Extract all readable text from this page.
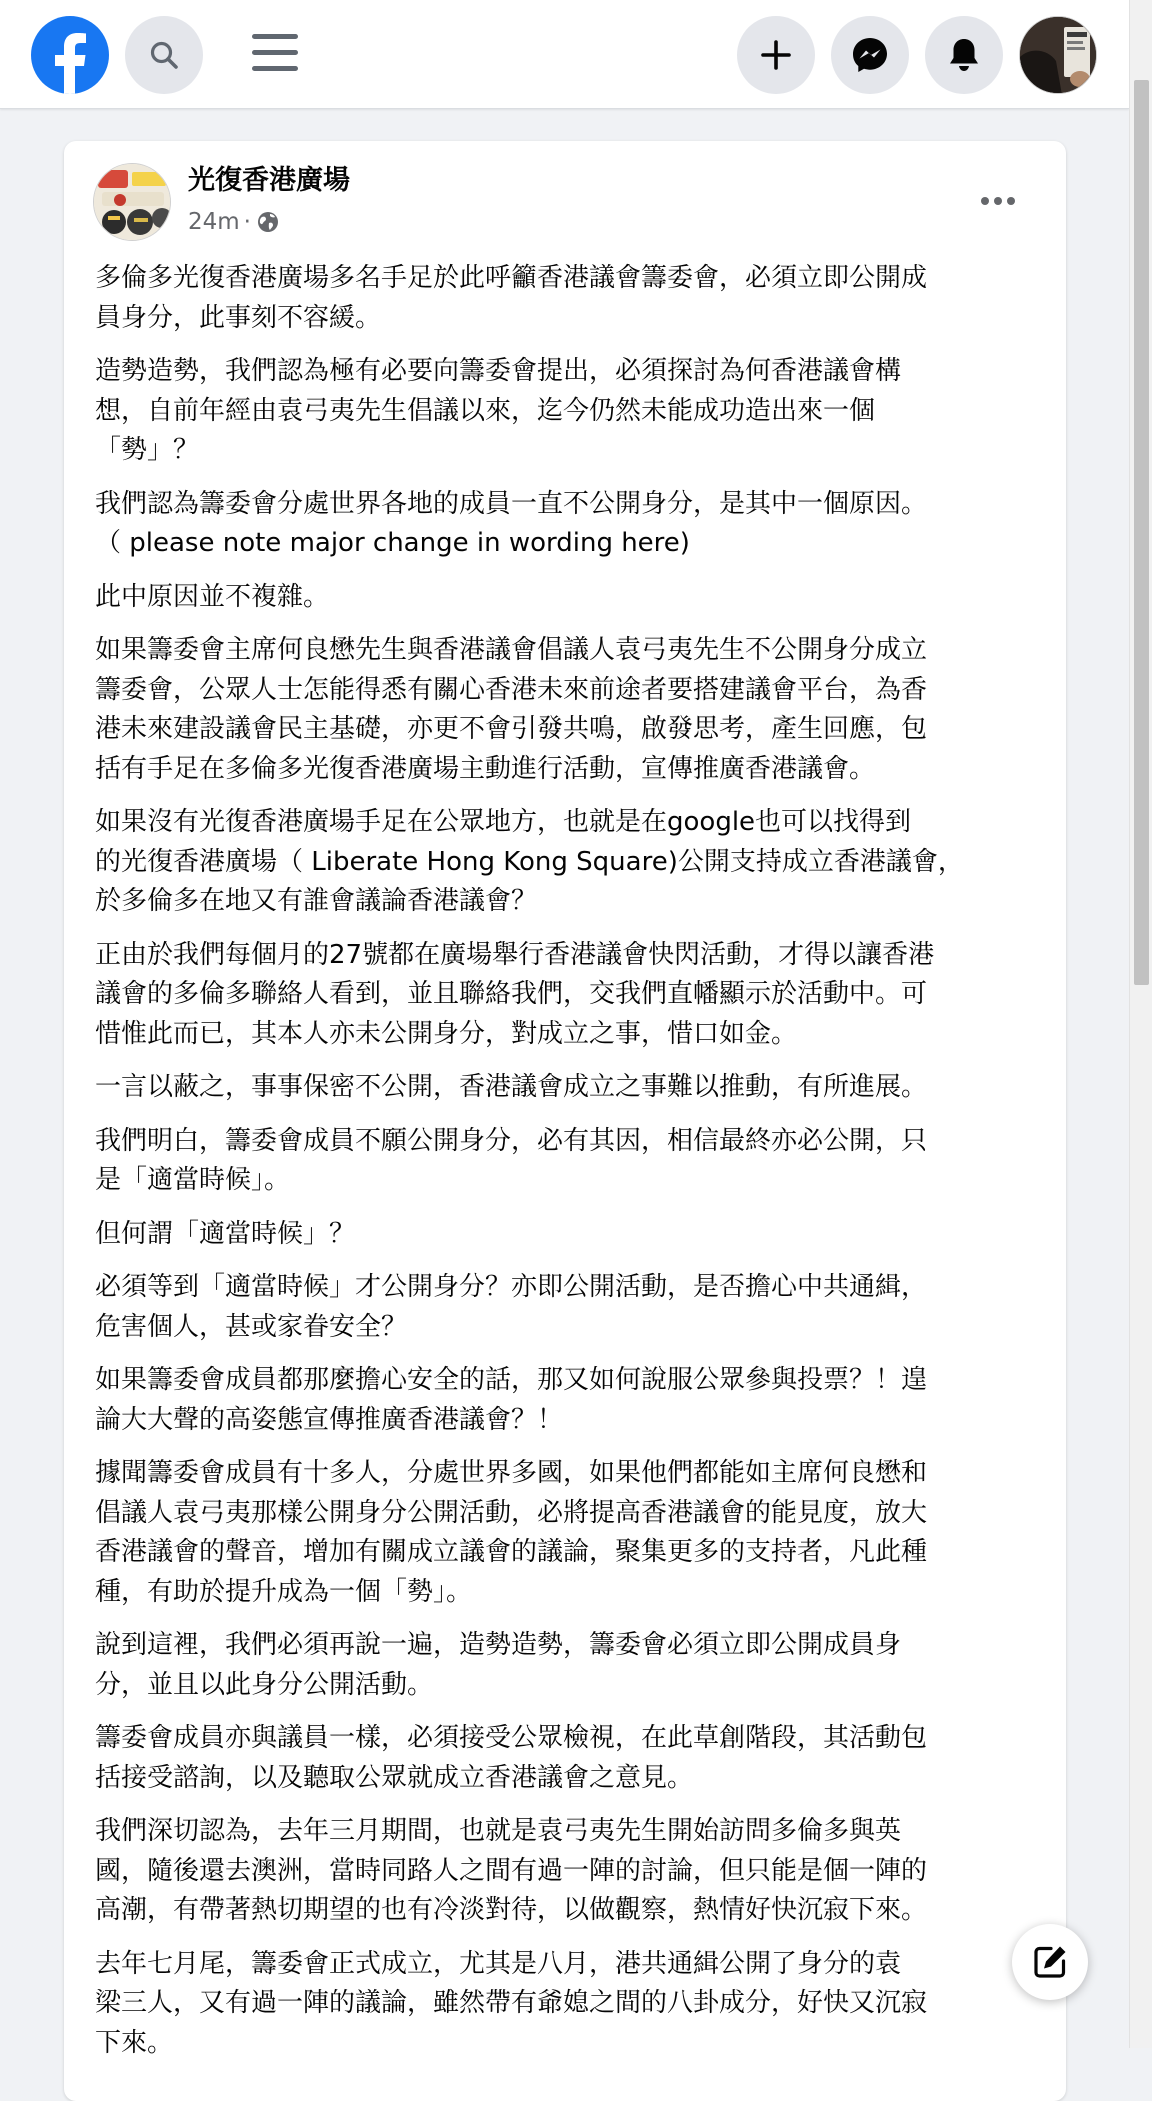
光復香港廣場
24m ·

多倫多光復香港廣場多名手足於此呼籲香港議會籌委會，必須立即公開成
員身分，此事刻不容緩。

造勢造勢，我們認為極有必要向籌委會提出，必須探討為何香港議會構
想，自前年經由袁弓夷先生倡議以來，迄今仍然未能成功造出來一個
「勢」？

我們認為籌委會分處世界各地的成員一直不公開身分，是其中一個原因。
（ please note major change in wording here)

此中原因並不複雜。

如果籌委會主席何良懋先生與香港議會倡議人袁弓夷先生不公開身分成立
籌委會，公眾人士怎能得悉有關心香港未來前途者要搭建議會平台，為香
港未來建設議會民主基礎，亦更不會引發共鳴，啟發思考，產生回應，包
括有手足在多倫多光復香港廣場主動進行活動，宣傳推廣香港議會。

如果沒有光復香港廣場手足在公眾地方，也就是在google也可以找得到
的光復香港廣場（ Liberate Hong Kong Square)公開支持成立香港議會，
於多倫多在地又有誰會議論香港議會？

正由於我們每個月的27號都在廣場舉行香港議會快閃活動，才得以讓香港
議會的多倫多聯絡人看到，並且聯絡我們，交我們直幡顯示於活動中。可
惜惟此而已，其本人亦未公開身分，對成立之事，惜口如金。

一言以蔽之，事事保密不公開，香港議會成立之事難以推動，有所進展。

我們明白，籌委會成員不願公開身分，必有其因，相信最終亦必公開，只
是「適當時候」。

但何謂「適當時候」？

必須等到「適當時候」才公開身分？亦即公開活動，是否擔心中共通緝，
危害個人，甚或家眷安全？

如果籌委會成員都那麼擔心安全的話，那又如何說服公眾參與投票？！遑
論大大聲的高姿態宣傳推廣香港議會？！

據聞籌委會成員有十多人，分處世界多國，如果他們都能如主席何良懋和
倡議人袁弓夷那樣公開身分公開活動，必將提高香港議會的能見度，放大
香港議會的聲音，增加有關成立議會的議論，聚集更多的支持者，凡此種
種，有助於提升成為一個「勢」。

說到這裡，我們必須再說一遍，造勢造勢，籌委會必須立即公開成員身
分，並且以此身分公開活動。

籌委會成員亦與議員一樣，必須接受公眾檢視，在此草創階段，其活動包
括接受諮詢，以及聽取公眾就成立香港議會之意見。

我們深切認為，去年三月期間，也就是袁弓夷先生開始訪問多倫多與英
國，隨後還去澳洲，當時同路人之間有過一陣的討論，但只能是個一陣的
高潮，有帶著熱切期望的也有冷淡對待，以做觀察，熱情好快沉寂下來。

去年七月尾，籌委會正式成立，尤其是八月，港共通緝公開了身分的袁
梁三人，又有過一陣的議論，雖然帶有爺媳之間的八卦成分，好快又沉寂
下來。
